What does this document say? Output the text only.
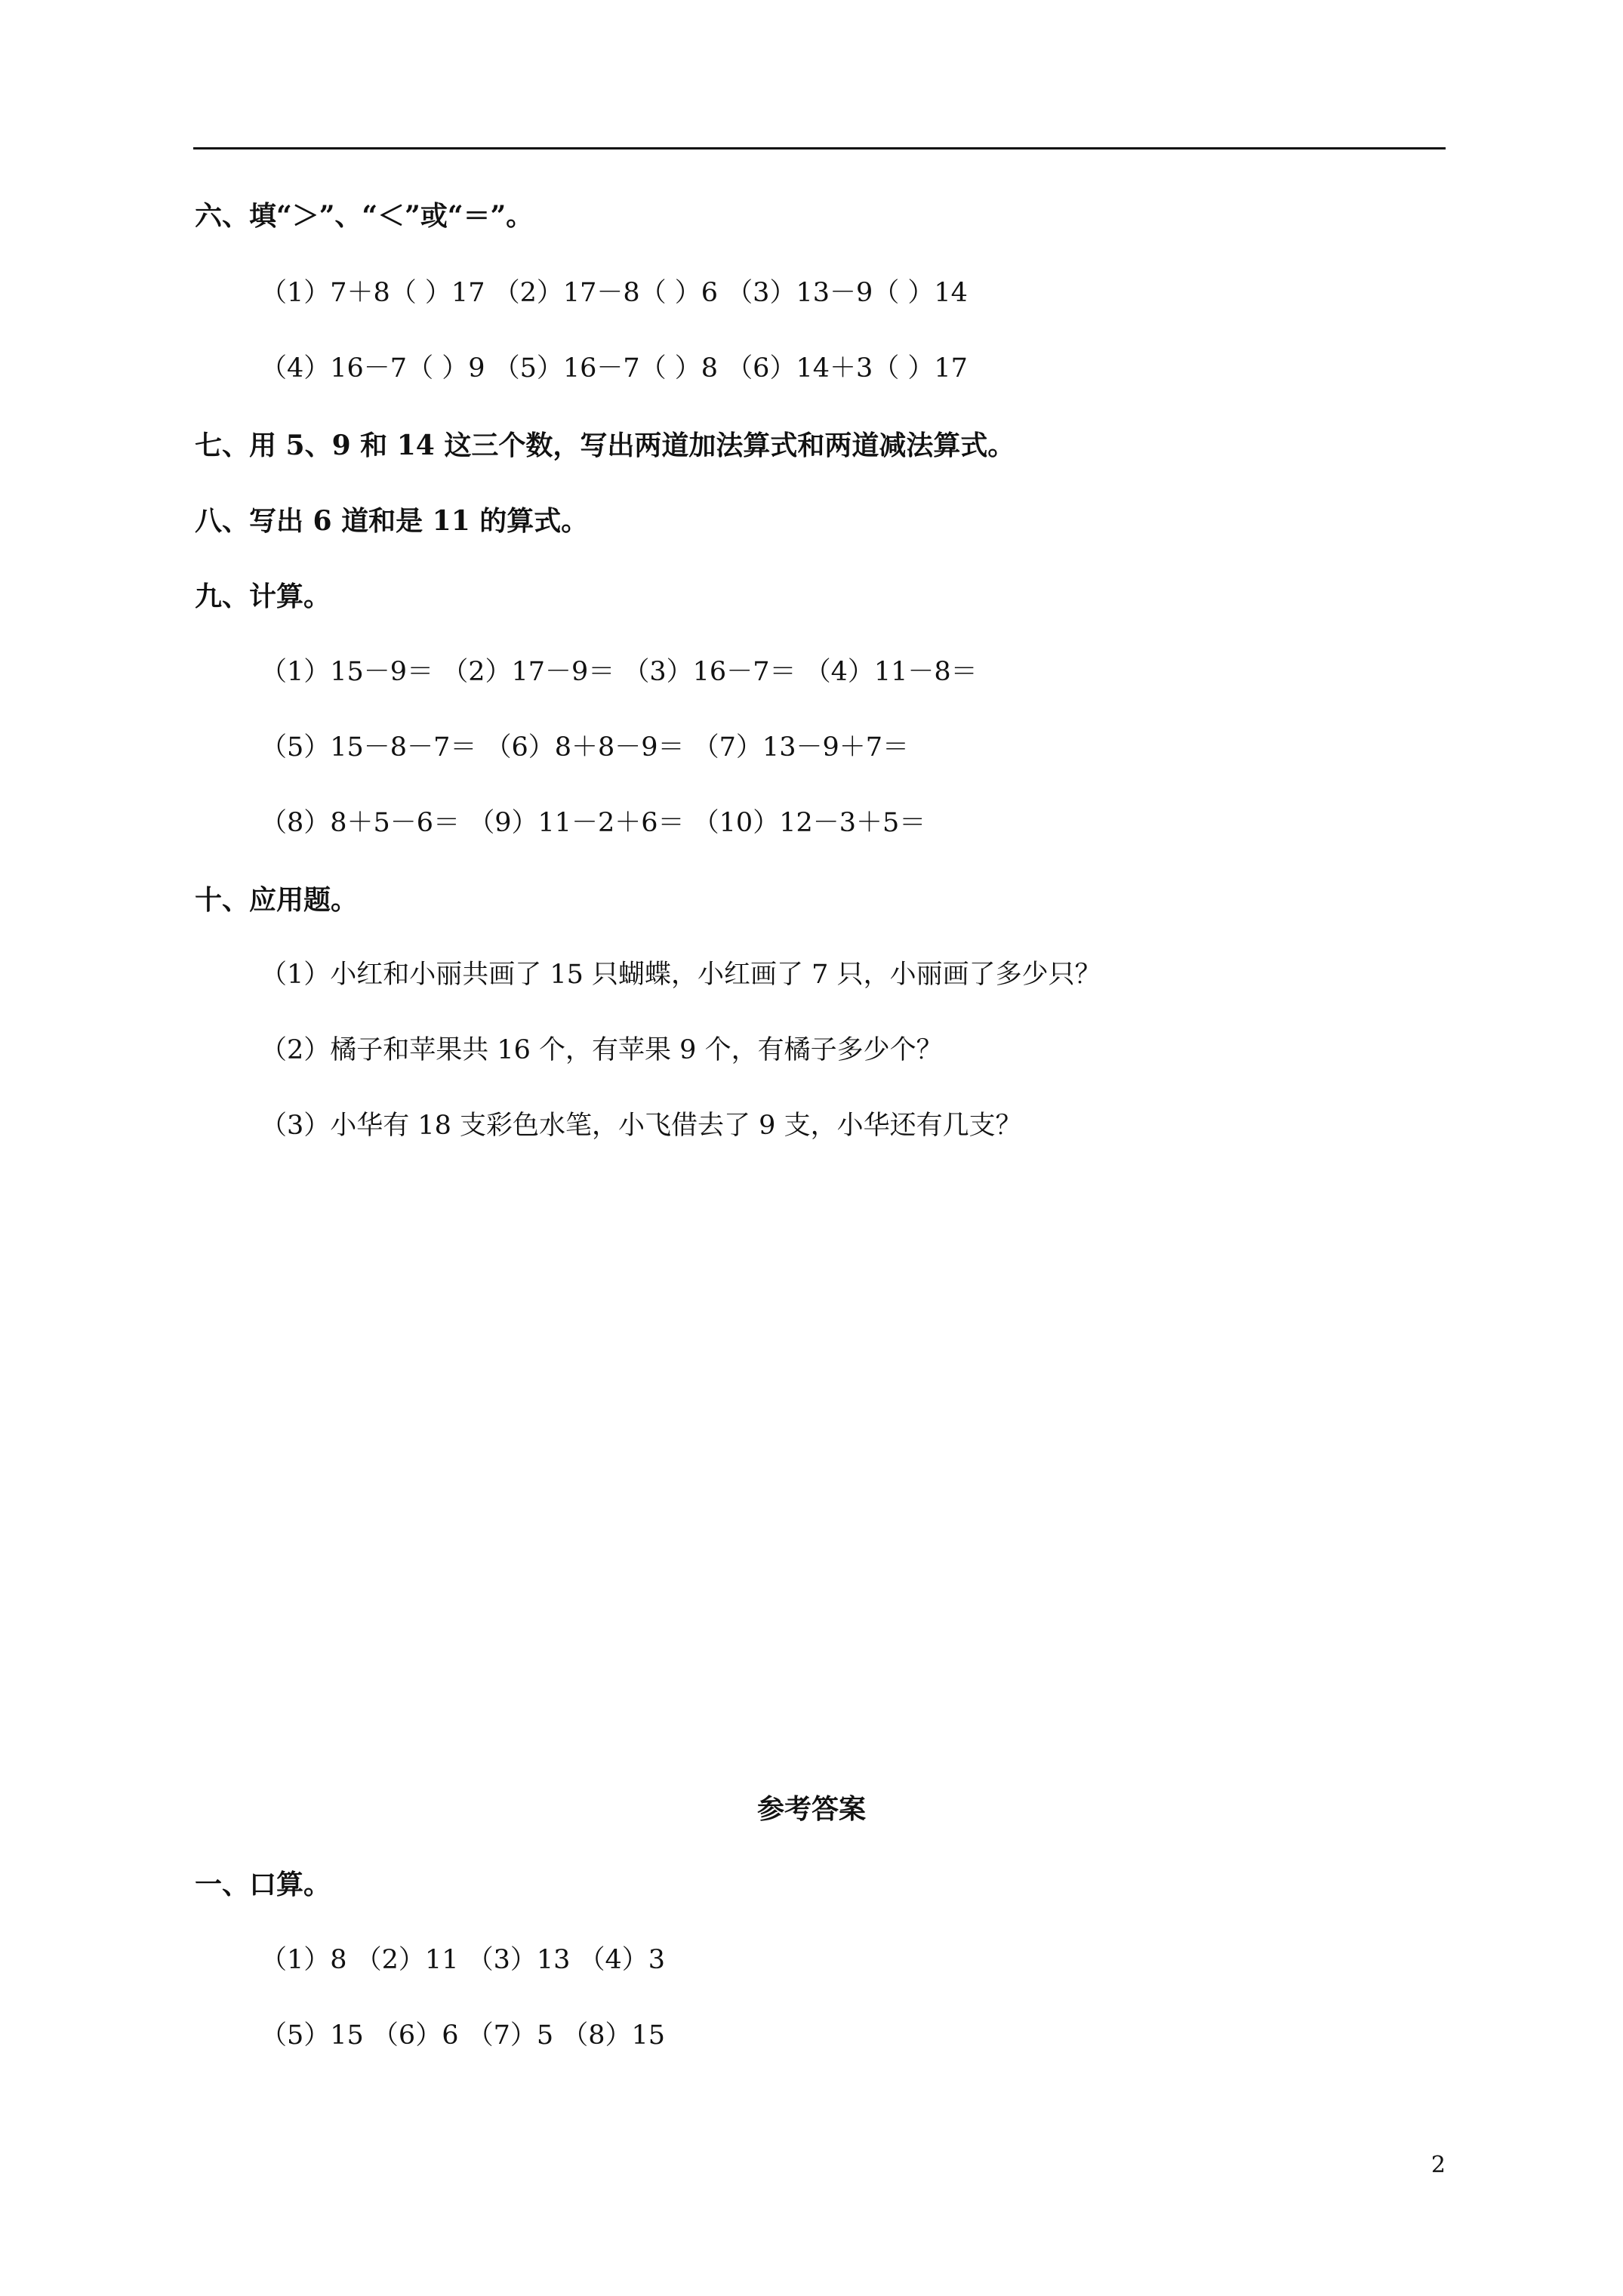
六、填“＞”、“＜”或“＝”。
（1）7＋8（ ）17 （2）17－8（ ）6 （3）13－9（ ）14
（4）16－7（ ）9 （5）16－7（ ）8 （6）14＋3（ ）17
七、用 5、9 和 14 这三个数，写出两道加法算式和两道减法算式。
八、写出 6 道和是 11 的算式。
九、计算。
（1）15－9＝ （2）17－9＝ （3）16－7＝ （4）11－8＝
（5）15－8－7＝ （6）8＋8－9＝ （7）13－9＋7＝
（8）8＋5－6＝ （9）11－2＋6＝ （10）12－3＋5＝
十、应用题。
（1）小红和小丽共画了 15 只蝴蝶，小红画了 7 只，小丽画了多少只？
（2）橘子和苹果共 16 个，有苹果 9 个，有橘子多少个？
（3）小华有 18 支彩色水笔，小飞借去了 9 支，小华还有几支？
参考答案
一、口算。
（1）8 （2）11 （3）13 （4）3
（5）15 （6）6 （7）5 （8）15
2
